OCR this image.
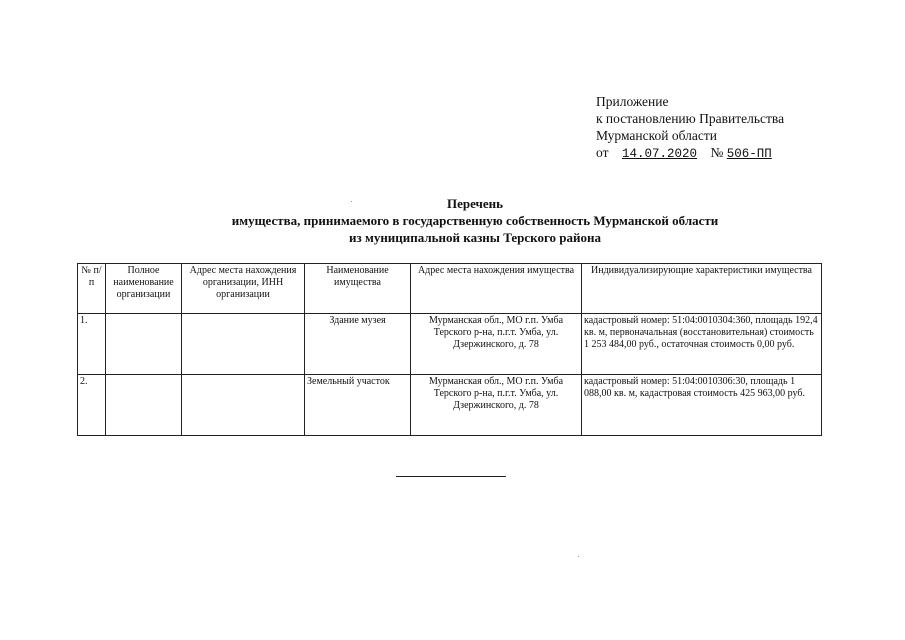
Приложение
к постановлению Правительства
Мурманской области
от 14.07.2020 № 506-ПП
Перечень
имущества, принимаемого в государственную собственность Мурманской области
из муниципальной казны Терского района
№ п/п	Полное наименование организации	Адрес места нахождения организации, ИНН организации	Наименование имущества	Адрес места нахождения имущества	Индивидуализирующие характеристики имущества
1.			Здание музея	Мурманская обл., МО г.п. Умба Терского р-на, п.г.т. Умба, ул. Дзержинского, д. 78	кадастровый номер: 51:04:0010304:360, площадь 192,4 кв. м, первоначальная (восстановительная) стоимость 1 253 484,00 руб., остаточная стоимость 0,00 руб.
2.			Земельный участок	Мурманская обл., МО г.п. Умба Терского р-на, п.г.т. Умба, ул. Дзержинского, д. 78	кадастровый номер: 51:04:0010306:30, площадь 1 088,00 кв. м, кадастровая стоимость 425 963,00 руб.
